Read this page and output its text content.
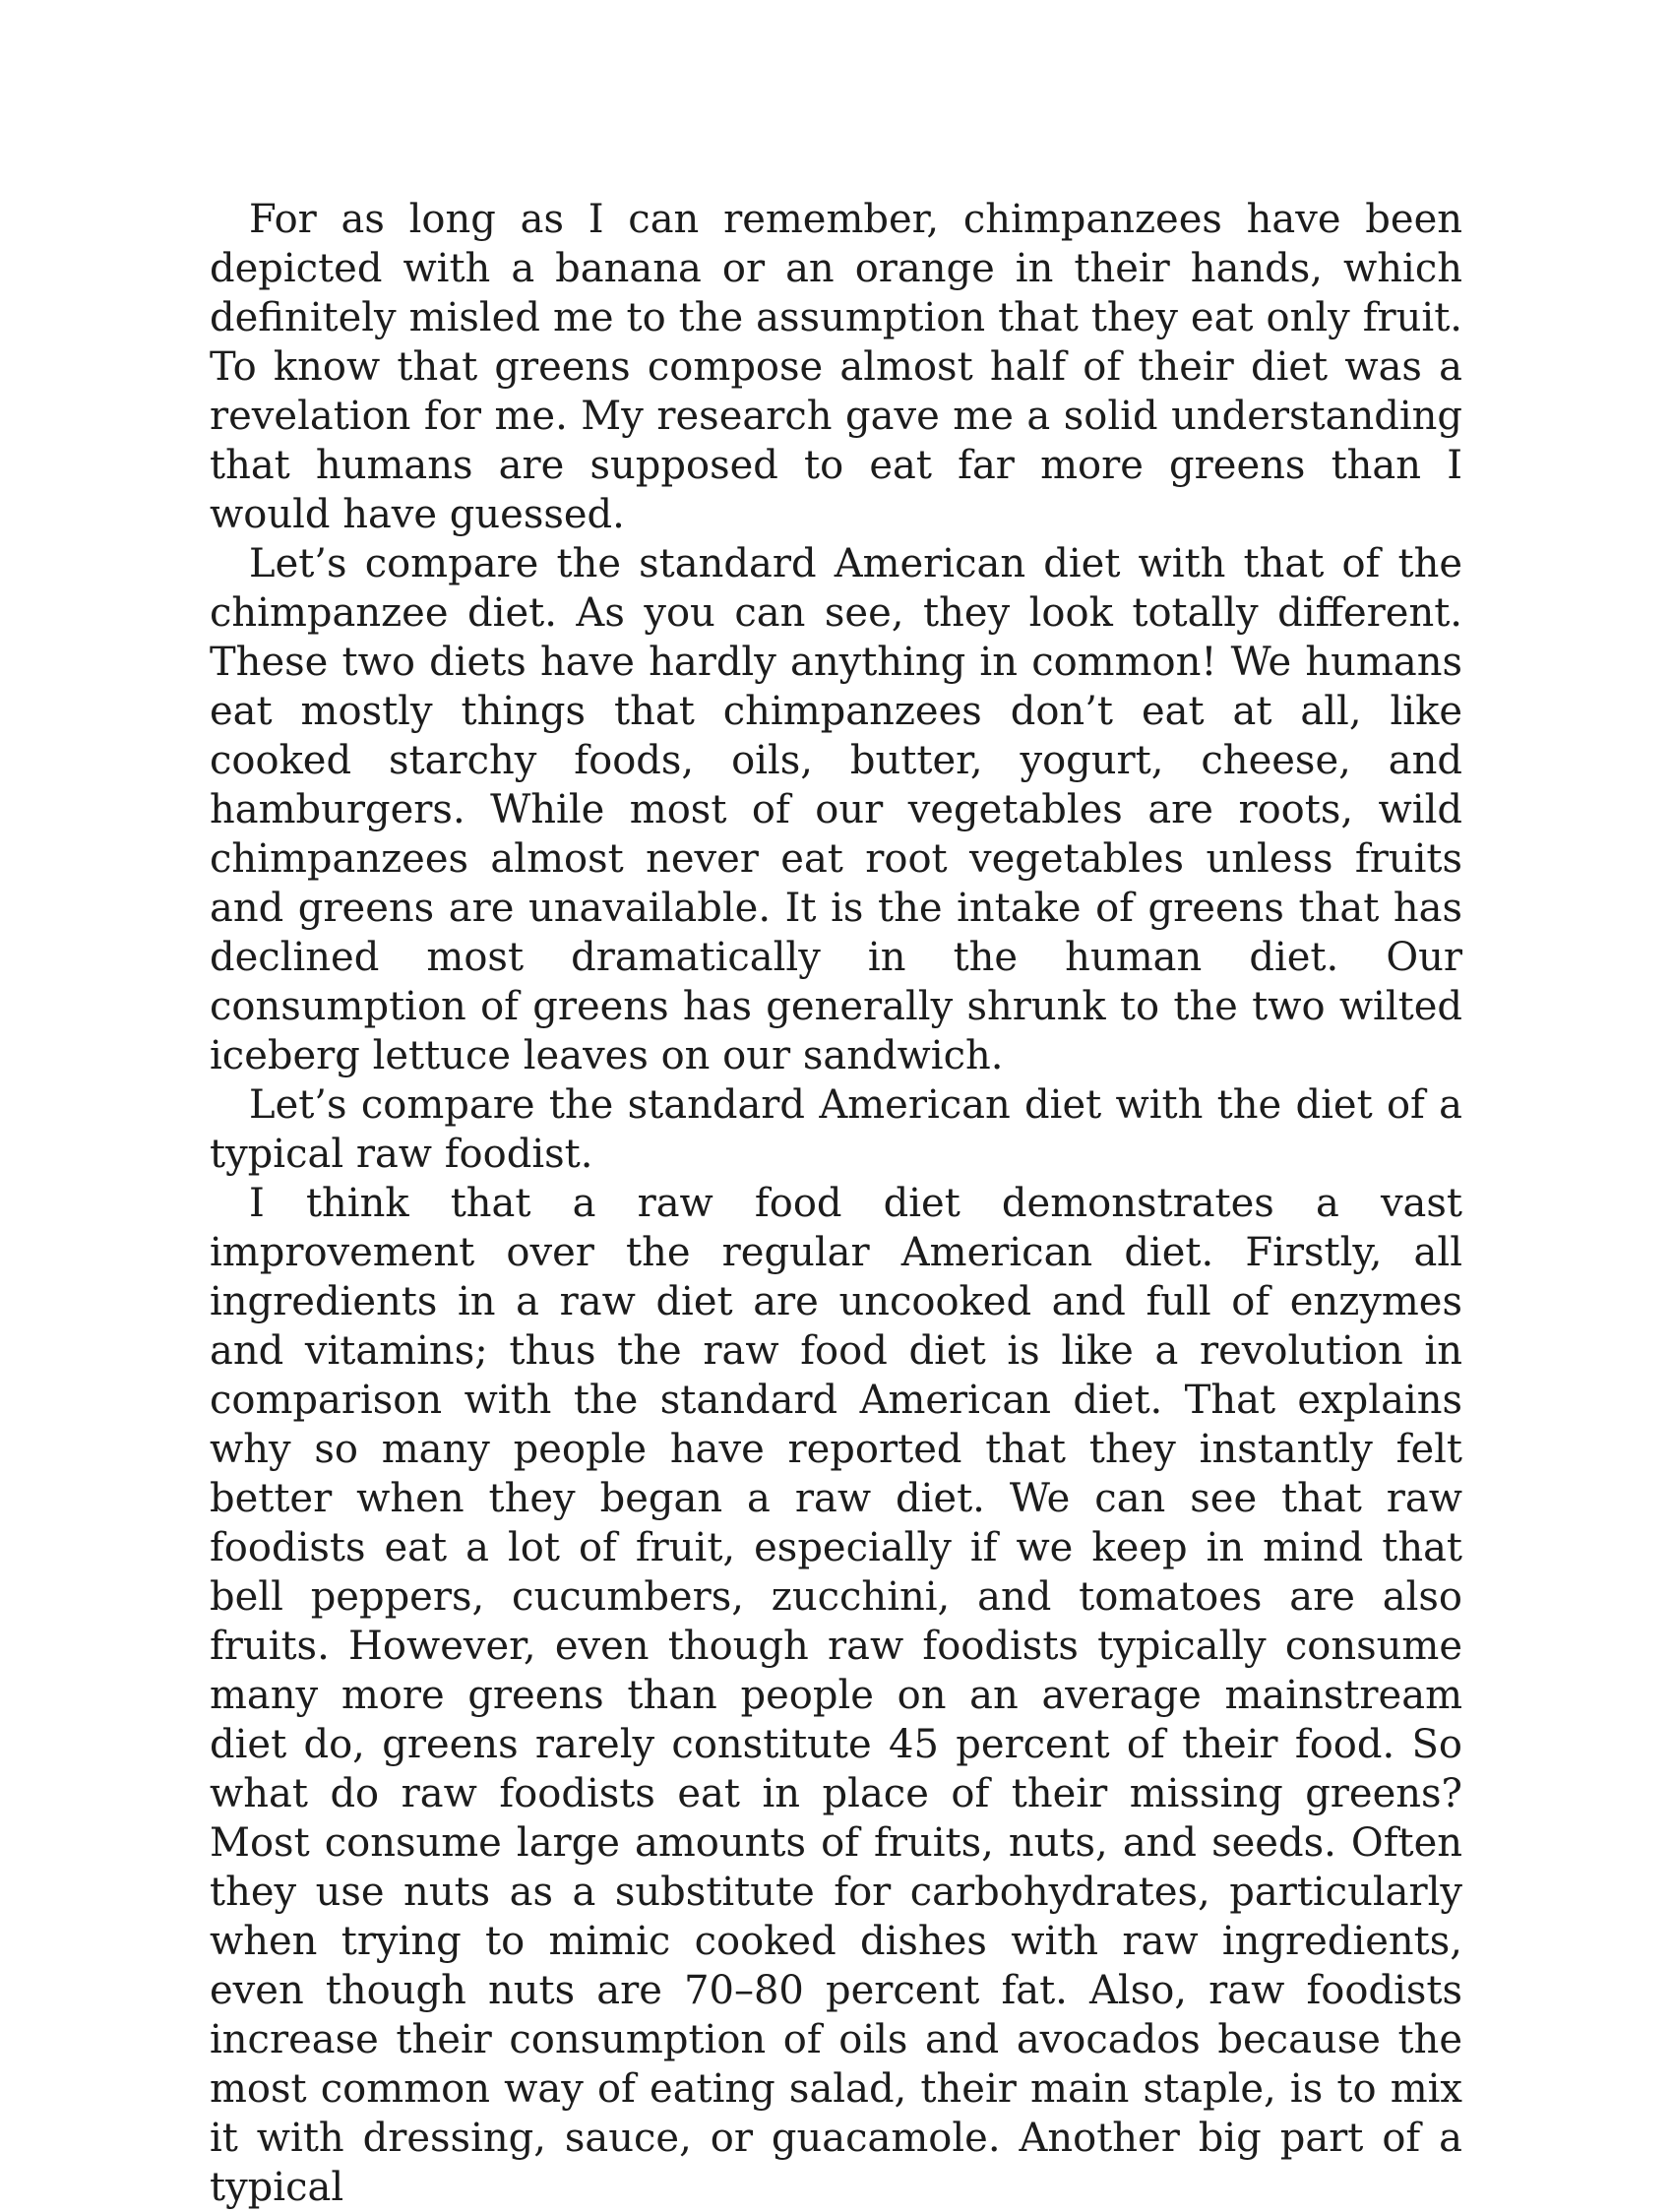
For as long as I can remember, chimpanzees have been depicted with a banana or an orange in their hands, which definitely misled me to the assumption that they eat only fruit. To know that greens compose almost half of their diet was a revelation for me. My research gave me a solid understanding that humans are supposed to eat far more greens than I would have guessed.

Let’s compare the standard American diet with that of the chimpanzee diet. As you can see, they look totally different. These two diets have hardly anything in common! We humans eat mostly things that chimpanzees don’t eat at all, like cooked starchy foods, oils, butter, yogurt, cheese, and hamburgers. While most of our vegetables are roots, wild chimpanzees almost never eat root vegetables unless fruits and greens are unavailable. It is the intake of greens that has declined most dramatically in the human diet. Our consumption of greens has generally shrunk to the two wilted iceberg lettuce leaves on our sandwich.

Let’s compare the standard American diet with the diet of a typical raw foodist.

I think that a raw food diet demonstrates a vast improvement over the regular American diet. Firstly, all ingredients in a raw diet are uncooked and full of enzymes and vitamins; thus the raw food diet is like a revolution in comparison with the standard American diet. That explains why so many people have reported that they instantly felt better when they began a raw diet. We can see that raw foodists eat a lot of fruit, especially if we keep in mind that bell peppers, cucumbers, zucchini, and tomatoes are also fruits. However, even though raw foodists typically consume many more greens than people on an average mainstream diet do, greens rarely constitute 45 percent of their food. So what do raw foodists eat in place of their missing greens? Most consume large amounts of fruits, nuts, and seeds. Often they use nuts as a substitute for carbohydrates, particularly when trying to mimic cooked dishes with raw ingredients, even though nuts are 70–80 percent fat. Also, raw foodists increase their consumption of oils and avocados because the most common way of eating salad, their main staple, is to mix it with dressing, sauce, or guacamole. Another big part of a typical
